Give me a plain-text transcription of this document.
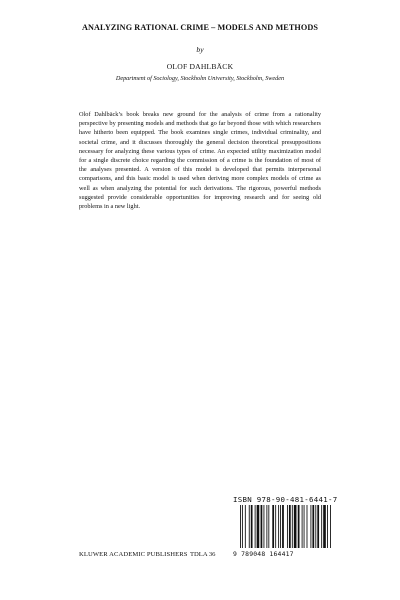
ANALYZING RATIONAL CRIME – MODELS AND METHODS
by
OLOF DAHLBÄCK
Department of Sociology, Stockholm University, Stockholm, Sweden

Olof Dahlbäck’s book breaks new ground for the analysis of crime from a rationality perspective by presenting models and methods that go far beyond those with which researchers have hitherto been equipped. The book examines single crimes, individual criminality, and societal crime, and it discusses thoroughly the general decision theoretical presuppositions necessary for analyzing these various types of crime. An expected utility maximization model for a single discrete choice regarding the commission of a crime is the foundation of most of the analyses presented. A version of this model is developed that permits interpersonal comparisons, and this basic model is used when deriving more complex models of crime as well as when analyzing the potential for such derivations. The rigorous, powerful methods suggested provide considerable opportunities for improving research and for seeing old problems in a new light.

ISBN 978-90-481-6441-7
9 789048 164417
KLUWER ACADEMIC PUBLISHERS TDLA 36
